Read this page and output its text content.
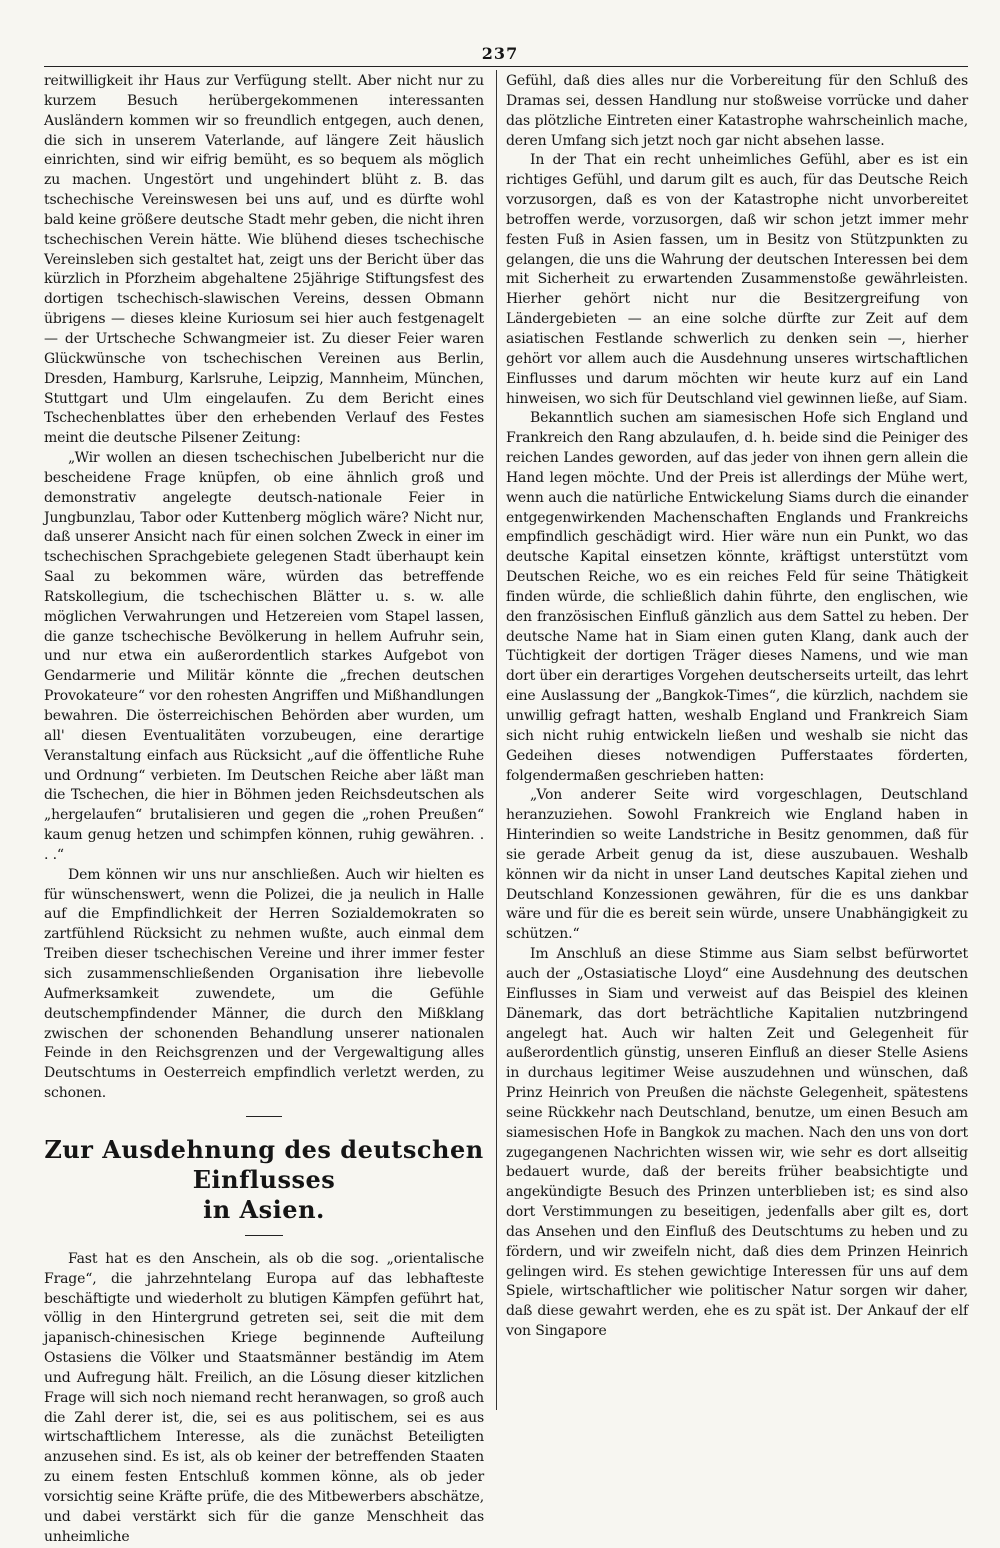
237

reitwilligkeit ihr Haus zur Verfügung stellt. Aber nicht nur zu kurzem Besuch herübergekommenen interessanten Ausländern kommen wir so freundlich entgegen, auch denen, die sich in unserem Vaterlande, auf längere Zeit häuslich einrichten, sind wir eifrig bemüht, es so bequem als möglich zu machen. Ungestört und ungehindert blüht z. B. das tschechische Vereinswesen bei uns auf, und es dürfte wohl bald keine größere deutsche Stadt mehr geben, die nicht ihren tschechischen Verein hätte. Wie blühend dieses tschechische Vereinsleben sich gestaltet hat, zeigt uns der Bericht über das kürzlich in Pforzheim abgehaltene 25jährige Stiftungsfest des dortigen tschechisch-slawischen Vereins, dessen Obmann übrigens — dieses kleine Kuriosum sei hier auch festgenagelt — der Urtscheche Schwangmeier ist. Zu dieser Feier waren Glückwünsche von tschechischen Vereinen aus Berlin, Dresden, Hamburg, Karlsruhe, Leipzig, Mannheim, München, Stuttgart und Ulm eingelaufen. Zu dem Bericht eines Tschechenblattes über den erhebenden Verlauf des Festes meint die deutsche Pilsener Zeitung:

„Wir wollen an diesen tschechischen Jubelbericht nur die bescheidene Frage knüpfen, ob eine ähnlich groß und demonstrativ angelegte deutsch-nationale Feier in Jungbunzlau, Tabor oder Kuttenberg möglich wäre? Nicht nur, daß unserer Ansicht nach für einen solchen Zweck in einer im tschechischen Sprachgebiete gelegenen Stadt überhaupt kein Saal zu bekommen wäre, würden das betreffende Ratskollegium, die tschechischen Blätter u. s. w. alle möglichen Verwahrungen und Hetzereien vom Stapel lassen, die ganze tschechische Bevölkerung in hellem Aufruhr sein, und nur etwa ein außerordentlich starkes Aufgebot von Gendarmerie und Militär könnte die „frechen deutschen Provokateure“ vor den rohesten Angriffen und Mißhandlungen bewahren. Die österreichischen Behörden aber wurden, um all' diesen Eventualitäten vorzubeugen, eine derartige Veranstaltung einfach aus Rücksicht „auf die öffentliche Ruhe und Ordnung“ verbieten. Im Deutschen Reiche aber läßt man die Tschechen, die hier in Böhmen jeden Reichsdeutschen als „hergelaufen“ brutalisieren und gegen die „rohen Preußen“ kaum genug hetzen und schimpfen können, ruhig gewähren. . . .“

Dem können wir uns nur anschließen. Auch wir hielten es für wünschenswert, wenn die Polizei, die ja neulich in Halle auf die Empfindlichkeit der Herren Sozialdemokraten so zartfühlend Rücksicht zu nehmen wußte, auch einmal dem Treiben dieser tschechischen Vereine und ihrer immer fester sich zusammenschließenden Organisation ihre liebevolle Aufmerksamkeit zuwendete, um die Gefühle deutschempfindender Männer, die durch den Mißklang zwischen der schonenden Behandlung unserer nationalen Feinde in den Reichsgrenzen und der Vergewaltigung alles Deutschtums in Oesterreich empfindlich verletzt werden, zu schonen.

Zur Ausdehnung des deutschen Einflusses
in Asien.

Fast hat es den Anschein, als ob die sog. „orientalische Frage“, die jahrzehntelang Europa auf das lebhafteste beschäftigte und wiederholt zu blutigen Kämpfen geführt hat, völlig in den Hintergrund getreten sei, seit die mit dem japanisch-chinesischen Kriege beginnende Aufteilung Ostasiens die Völker und Staatsmänner beständig im Atem und Aufregung hält. Freilich, an die Lösung dieser kitzlichen Frage will sich noch niemand recht heranwagen, so groß auch die Zahl derer ist, die, sei es aus politischem, sei es aus wirtschaftlichem Interesse, als die zunächst Beteiligten anzusehen sind. Es ist, als ob keiner der betreffenden Staaten zu einem festen Entschluß kommen könne, als ob jeder vorsichtig seine Kräfte prüfe, die des Mitbewerbers abschätze, und dabei verstärkt sich für die ganze Menschheit das unheimliche

Gefühl, daß dies alles nur die Vorbereitung für den Schluß des Dramas sei, dessen Handlung nur stoßweise vorrücke und daher das plötzliche Eintreten einer Katastrophe wahrscheinlich mache, deren Umfang sich jetzt noch gar nicht absehen lasse.

In der That ein recht unheimliches Gefühl, aber es ist ein richtiges Gefühl, und darum gilt es auch, für das Deutsche Reich vorzusorgen, daß es von der Katastrophe nicht unvorbereitet betroffen werde, vorzusorgen, daß wir schon jetzt immer mehr festen Fuß in Asien fassen, um in Besitz von Stützpunkten zu gelangen, die uns die Wahrung der deutschen Interessen bei dem mit Sicherheit zu erwartenden Zusammenstoße gewährleisten. Hierher gehört nicht nur die Besitzergreifung von Ländergebieten — an eine solche dürfte zur Zeit auf dem asiatischen Festlande schwerlich zu denken sein —, hierher gehört vor allem auch die Ausdehnung unseres wirtschaftlichen Einflusses und darum möchten wir heute kurz auf ein Land hinweisen, wo sich für Deutschland viel gewinnen ließe, auf Siam.

Bekanntlich suchen am siamesischen Hofe sich England und Frankreich den Rang abzulaufen, d. h. beide sind die Peiniger des reichen Landes geworden, auf das jeder von ihnen gern allein die Hand legen möchte. Und der Preis ist allerdings der Mühe wert, wenn auch die natürliche Entwickelung Siams durch die einander entgegenwirkenden Machenschaften Englands und Frankreichs empfindlich geschädigt wird. Hier wäre nun ein Punkt, wo das deutsche Kapital einsetzen könnte, kräftigst unterstützt vom Deutschen Reiche, wo es ein reiches Feld für seine Thätigkeit finden würde, die schließlich dahin führte, den englischen, wie den französischen Einfluß gänzlich aus dem Sattel zu heben. Der deutsche Name hat in Siam einen guten Klang, dank auch der Tüchtigkeit der dortigen Träger dieses Namens, und wie man dort über ein derartiges Vorgehen deutscherseits urteilt, das lehrt eine Auslassung der „Bangkok-Times“, die kürzlich, nachdem sie unwillig gefragt hatten, weshalb England und Frankreich Siam sich nicht ruhig entwickeln ließen und weshalb sie nicht das Gedeihen dieses notwendigen Pufferstaates förderten, folgendermaßen geschrieben hatten:

„Von anderer Seite wird vorgeschlagen, Deutschland heranzuziehen. Sowohl Frankreich wie England haben in Hinterindien so weite Landstriche in Besitz genommen, daß für sie gerade Arbeit genug da ist, diese auszubauen. Weshalb können wir da nicht in unser Land deutsches Kapital ziehen und Deutschland Konzessionen gewähren, für die es uns dankbar wäre und für die es bereit sein würde, unsere Unabhängigkeit zu schützen.“

Im Anschluß an diese Stimme aus Siam selbst befürwortet auch der „Ostasiatische Lloyd“ eine Ausdehnung des deutschen Einflusses in Siam und verweist auf das Beispiel des kleinen Dänemark, das dort beträchtliche Kapitalien nutzbringend angelegt hat. Auch wir halten Zeit und Gelegenheit für außerordentlich günstig, unseren Einfluß an dieser Stelle Asiens in durchaus legitimer Weise auszudehnen und wünschen, daß Prinz Heinrich von Preußen die nächste Gelegenheit, spätestens seine Rückkehr nach Deutschland, benutze, um einen Besuch am siamesischen Hofe in Bangkok zu machen. Nach den uns von dort zugegangenen Nachrichten wissen wir, wie sehr es dort allseitig bedauert wurde, daß der bereits früher beabsichtigte und angekündigte Besuch des Prinzen unterblieben ist; es sind also dort Verstimmungen zu beseitigen, jedenfalls aber gilt es, dort das Ansehen und den Einfluß des Deutschtums zu heben und zu fördern, und wir zweifeln nicht, daß dies dem Prinzen Heinrich gelingen wird. Es stehen gewichtige Interessen für uns auf dem Spiele, wirtschaftlicher wie politischer Natur sorgen wir daher, daß diese gewahrt werden, ehe es zu spät ist. Der Ankauf der elf von Singapore
